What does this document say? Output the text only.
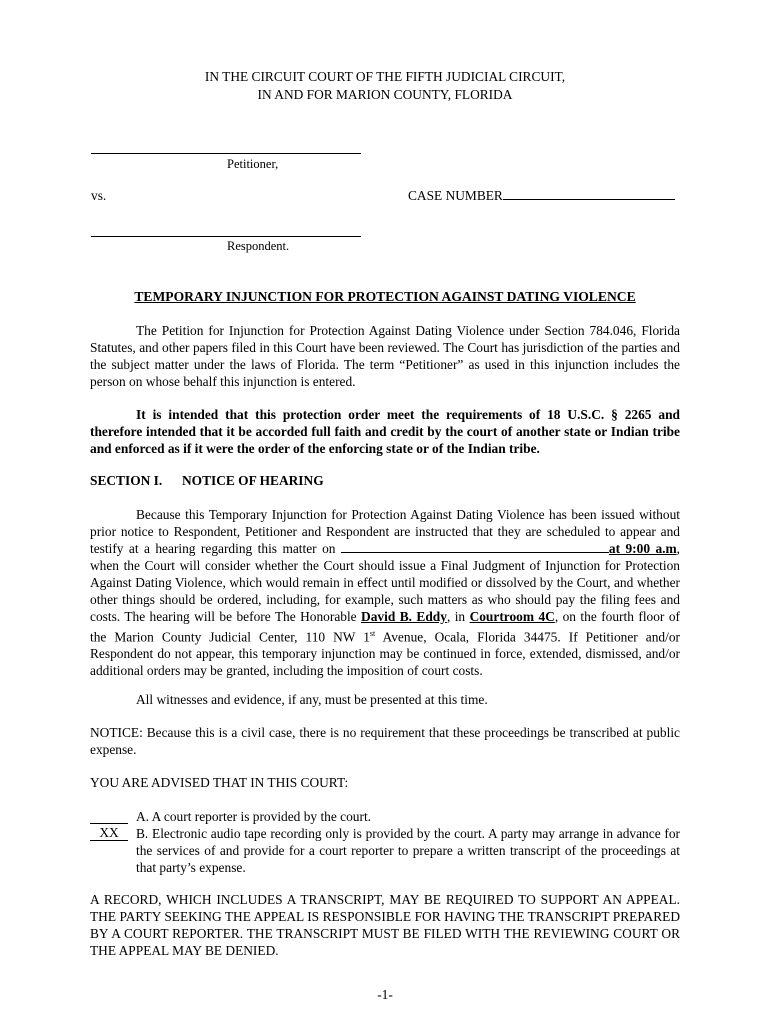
IN THE CIRCUIT COURT OF THE FIFTH JUDICIAL CIRCUIT,
IN AND FOR MARION COUNTY, FLORIDA
Petitioner,
vs.	CASE NUMBER
Respondent.
TEMPORARY INJUNCTION FOR PROTECTION AGAINST DATING VIOLENCE
The Petition for Injunction for Protection Against Dating Violence under Section 784.046, Florida Statutes, and other papers filed in this Court have been reviewed. The Court has jurisdiction of the parties and the subject matter under the laws of Florida. The term “Petitioner” as used in this injunction includes the person on whose behalf this injunction is entered.
It is intended that this protection order meet the requirements of 18 U.S.C. § 2265 and therefore intended that it be accorded full faith and credit by the court of another state or Indian tribe and enforced as if it were the order of the enforcing state or of the Indian tribe.
SECTION I. NOTICE OF HEARING
Because this Temporary Injunction for Protection Against Dating Violence has been issued without prior notice to Respondent, Petitioner and Respondent are instructed that they are scheduled to appear and testify at a hearing regarding this matter on	at 9:00 a.m, when the Court will consider whether the Court should issue a Final Judgment of Injunction for Protection Against Dating Violence, which would remain in effect until modified or dissolved by the Court, and whether other things should be ordered, including, for example, such matters as who should pay the filing fees and costs. The hearing will be before The Honorable David B. Eddy, in Courtroom 4C, on the fourth floor of the Marion County Judicial Center, 110 NW 1st Avenue, Ocala, Florida 34475. If Petitioner and/or Respondent do not appear, this temporary injunction may be continued in force, extended, dismissed, and/or additional orders may be granted, including the imposition of court costs.
All witnesses and evidence, if any, must be presented at this time.
NOTICE: Because this is a civil case, there is no requirement that these proceedings be transcribed at public expense.
YOU ARE ADVISED THAT IN THIS COURT:
A. A court reporter is provided by the court.
XX	B. Electronic audio tape recording only is provided by the court. A party may arrange in advance for the services of and provide for a court reporter to prepare a written transcript of the proceedings at that party’s expense.
A RECORD, WHICH INCLUDES A TRANSCRIPT, MAY BE REQUIRED TO SUPPORT AN APPEAL. THE PARTY SEEKING THE APPEAL IS RESPONSIBLE FOR HAVING THE TRANSCRIPT PREPARED BY A COURT REPORTER. THE TRANSCRIPT MUST BE FILED WITH THE REVIEWING COURT OR THE APPEAL MAY BE DENIED.
-1-
